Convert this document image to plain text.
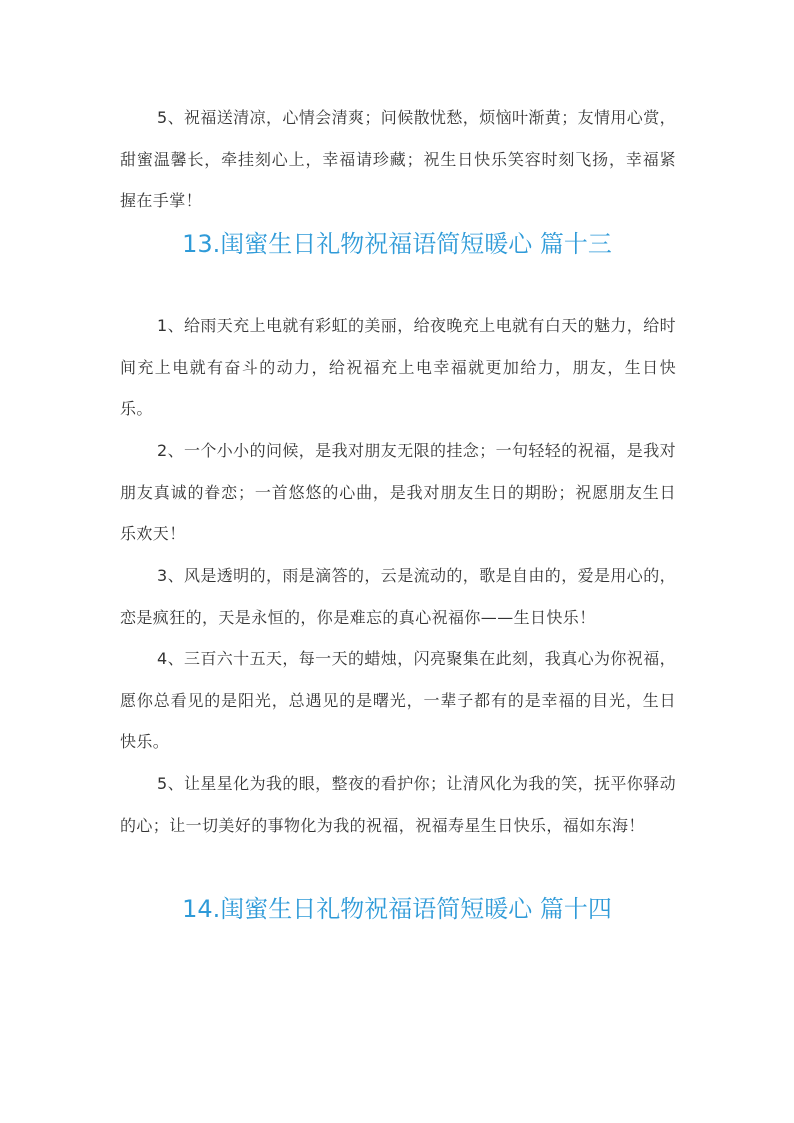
5、祝福送清凉，心情会清爽；问候散忧愁，烦恼叶渐黄；友情用心赏，甜蜜温馨长，牵挂刻心上，幸福请珍藏；祝生日快乐笑容时刻飞扬，幸福紧握在手掌！

13.闺蜜生日礼物祝福语简短暖心 篇十三

1、给雨天充上电就有彩虹的美丽，给夜晚充上电就有白天的魅力，给时间充上电就有奋斗的动力，给祝福充上电幸福就更加给力，朋友，生日快乐。

2、一个小小的问候，是我对朋友无限的挂念；一句轻轻的祝福，是我对朋友真诚的眷恋；一首悠悠的心曲，是我对朋友生日的期盼；祝愿朋友生日乐欢天！

3、风是透明的，雨是滴答的，云是流动的，歌是自由的，爱是用心的，恋是疯狂的，天是永恒的，你是难忘的真心祝福你——生日快乐！

4、三百六十五天，每一天的蜡烛，闪亮聚集在此刻，我真心为你祝福，愿你总看见的是阳光，总遇见的是曙光，一辈子都有的是幸福的目光，生日快乐。

5、让星星化为我的眼，整夜的看护你；让清风化为我的笑，抚平你驿动的心；让一切美好的事物化为我的祝福，祝福寿星生日快乐，福如东海！

14.闺蜜生日礼物祝福语简短暖心 篇十四
